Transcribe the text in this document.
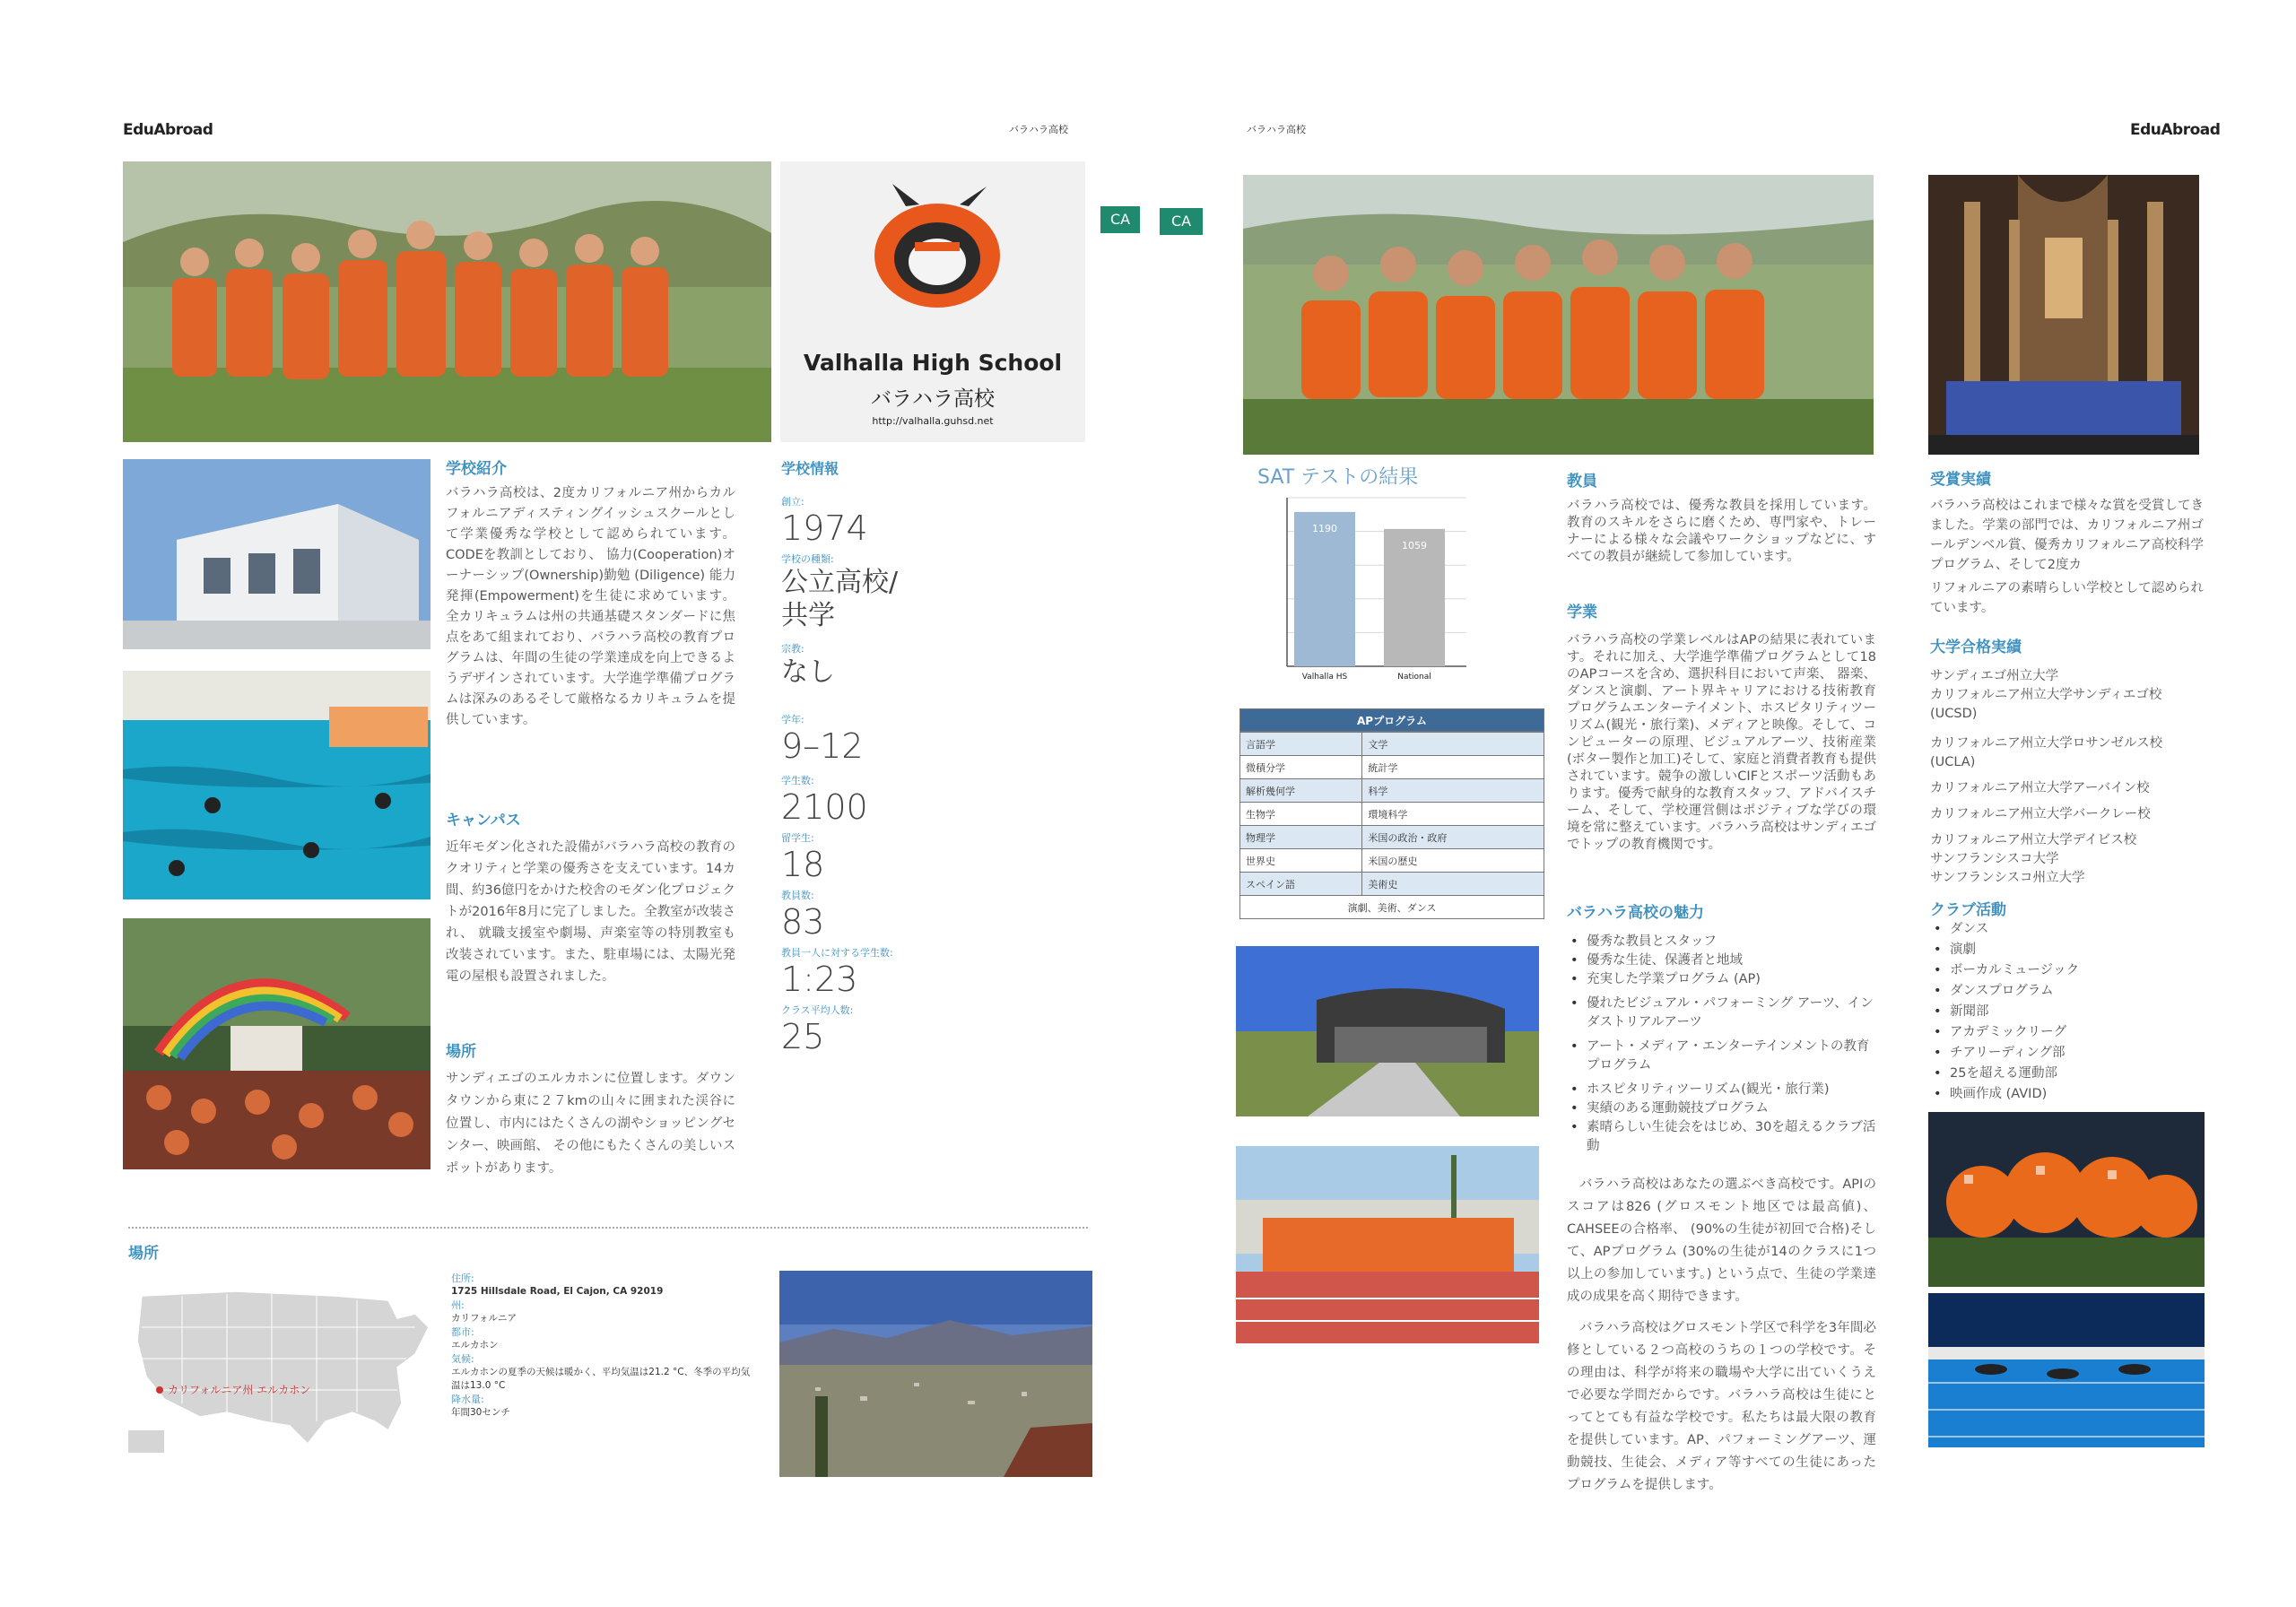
EduAbroad	バラハラ高校	バラハラ高校	EduAbroad
Valhalla High School
バラハラ高校
http://valhalla.guhsd.net
CA	CA
学校紹介
バラハラ高校は、2度カリフォルニア州からカルフォルニアディスティングイッシュスクールとして学業優秀な学校として認められています。CODEを教訓としており、 協力(Cooperation)オーナーシップ(Ownership)勤勉 (Diligence) 能力発揮(Empowerment)を生徒に求めています。 全カリキュラムは州の共通基礎スタンダードに焦点をあて組まれており、バラハラ高校の教育プログラムは、年間の生徒の学業達成を向上できるようデザインされています。大学進学準備プログラムは深みのあるそして厳格なるカリキュラムを提供しています。
キャンパス
近年モダン化された設備がバラハラ高校の教育のクオリティと学業の優秀さを支えています。14カ間、約36億円をかけた校舎のモダン化プロジェクトが2016年8月に完了しました。全教室が改装され、 就職支援室や劇場、声楽室等の特別教室も改装されています。また、駐車場には、太陽光発電の屋根も設置されました。
場所
サンディエゴのエルカホンに位置します。ダウンタウンから東に２７kmの山々に囲まれた渓谷に位置し、市内にはたくさんの湖やショッピングセンター、映画館、 その他にもたくさんの美しいスポットがあります。
学校情報
創立:
1974
学校の種類:
公立高校/共学
宗教:
なし
学年:
9–12
学生数:
2100
留学生:
18
教員数:
83
教員一人に対する学生数:
1:23
クラス平均人数:
25
場所
カリフォルニア州 エルカホン
住所:
1725 Hillsdale Road, El Cajon, CA 92019
州:
カリフォルニア
都市:
エルカホン
気候:
エルカホンの夏季の天候は暖かく、平均気温は21.2 °C、冬季の平均気温は13.0 °C
降水量:
年間30センチ
SAT テストの結果
1190
Valhalla HS
1059
National
APプログラム
言語学	文学
微積分学	統計学
解析幾何学	科学
生物学	環境科学
物理学	米国の政治・政府
世界史	米国の歴史
スペイン語	美術史
演劇、美術、ダンス	
教員
バラハラ高校では、優秀な教員を採用しています。教育のスキルをさらに磨くため、専門家や、トレーナーによる様々な会議やワークショップなどに、すべての教員が継続して参加しています。
学業
バラハラ高校の学業レベルはAPの結果に表れています。それに加え、大学進学準備プログラムとして18のAPコースを含め、選択科目において声楽、 器楽、ダンスと演劇、アート界キャリアにおける技術教育プログラムエンターテイメント、ホスピタリティツーリズム(観光・旅行業)、メディアと映像。そして、コンピューターの原理、ビジュアルアーツ、技術産業(ボター製作と加工)そして、家庭と消費者教育も提供されています。競争の激しいCIFとスポーツ活動もあります。優秀で献身的な教育スタッフ、アドバイスチーム、そして、学校運営側はポジティブな学びの環境を常に整えています。バラハラ高校はサンディエゴでトップの教育機関です。
バラハラ高校の魅力
• 優秀な教員とスタッフ
• 優秀な生徒、保護者と地域
• 充実した学業プログラム (AP)
• 優れたビジュアル・パフォーミング アーツ、インダストリアルアーツ
• アート・メディア・エンターテインメントの教育プログラム
• ホスピタリティツーリズム(観光・旅行業)
• 実績のある運動競技プログラム
• 素晴らしい生徒会をはじめ、30を超えるクラブ活動
バラハラ高校はあなたの選ぶべき高校です。APIのスコアは826 (グロスモント地区では最高値)、CAHSEEの合格率、 (90%の生徒が初回で合格)そして、APプログラム (30%の生徒が14のクラスに1つ以上の参加しています。) という点で、生徒の学業達成の成果を高く期待できます。
バラハラ高校はグロスモント学区で科学を3年間必修としている２つ高校のうちの１つの学校です。その理由は、科学が将来の職場や大学に出ていくうえで必要な学問だからです。バラハラ高校は生徒にとってとても有益な学校です。私たちは最大限の教育を提供しています。AP、パフォーミングアーツ、運動競技、生徒会、メディア等すべての生徒にあったプログラムを提供します。
受賞実績
バラハラ高校はこれまで様々な賞を受賞してきました。学業の部門では、カリフォルニア州ゴールデンベル賞、優秀カリフォルニア高校科学プログラム、そして2度カ
リフォルニアの素晴らしい学校として認められています。
大学合格実績
サンディエゴ州立大学
カリフォルニア州立大学サンディエゴ校(UCSD)
カリフォルニア州立大学ロサンゼルス校(UCLA)
カリフォルニア州立大学アーバイン校
カリフォルニア州立大学バークレー校
カリフォルニア州立大学デイビス校
サンフランシスコ大学
サンフランシスコ州立大学
クラブ活動
• ダンス
• 演劇
• ボーカルミュージック
• ダンスプログラム
• 新聞部
• アカデミックリーグ
• チアリーディング部
• 25を超える運動部
• 映画作成 (AVID)
